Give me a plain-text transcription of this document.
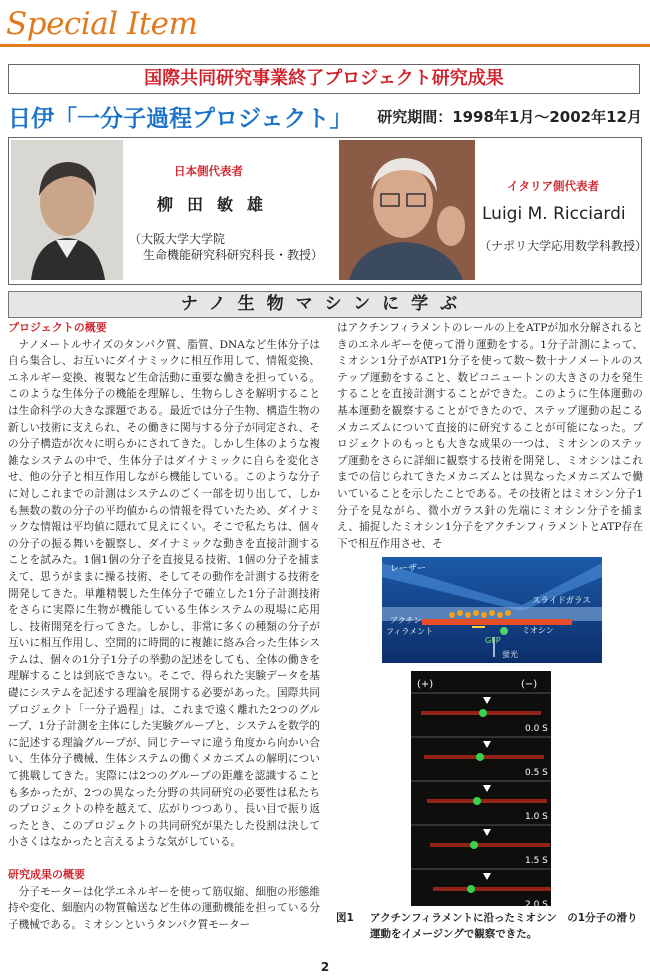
Special Item
国際共同研究事業終了プロジェクト研究成果
日伊「一分子過程プロジェクト」 研究期間：1998年1月～2002年12月
日本側代表者
柳田敏雄
（大阪大学大学院
生命機能研究科研究科長・教授）
イタリア側代表者
Luigi M. Ricciardi
（ナポリ大学応用数学科教授）
ナノ生物マシンに学ぶ
プロジェクトの概要
ナノメートルサイズのタンパク質、脂質、DNAなど生体分子は自ら集合し、お互いにダイナミックに相互作用して、情報変換、エネルギー変換、複製など生命活動に重要な働きを担っている。このような生体分子の機能を理解し、生物らしさを解明することは生命科学の大きな課題である。最近では分子生物、構造生物の新しい技術に支えられ、その働きに関与する分子が同定され、その分子構造が次々に明らかにされてきた。しかし生体のような複雑なシステムの中で、生体分子はダイナミックに自らを変化させ、他の分子と相互作用しながら機能している。このような分子に対しこれまでの計測はシステムのごく一部を切り出して、しかも無数の数の分子の平均値からの情報を得ていたため、ダイナミックな情報は平均値に隠れて見えにくい。そこで私たちは、個々の分子の振る舞いを観察し、ダイナミックな動きを直接計測することを試みた。1個1個の分子を直接見る技術、1個の分子を捕まえて、思うがままに操る技術、そしてその動作を計測する技術を開発してきた。単離精製した生体分子で確立した1分子計測技術をさらに実際に生物が機能している生体システムの現場に応用し、技術開発を行ってきた。しかし、非常に多くの種類の分子が互いに相互作用し、空間的に時間的に複雑に絡み合った生体システムは、個々の1分子1分子の挙動の記述をしても、全体の働きを理解することは到底できない。そこで、得られた実験データを基礎にシステムを記述する理論を展開する必要があった。国際共同プロジェクト「一分子過程」は、これまで遠く離れた2つのグループ、1分子計測を主体にした実験グループと、システムを数学的に記述する理論グループが、同じテーマに違う角度から向かい合い、生体分子機械、生体システムの働くメカニズムの解明について挑戦してきた。実際には2つのグループの距離を認識することも多かったが、2つの異なった分野の共同研究の必要性は私たちのプロジェクトの枠を越えて、広がりつつあり、長い目で振り返ったとき、このプロジェクトの共同研究が果たした役割は決して小さくはなかったと言えるような気がしている。
研究成果の概要
分子モーターは化学エネルギーを使って筋収縮、細胞の形態維持や変化、細胞内の物質輸送など生体の運動機能を担っている分子機械である。ミオシンというタンパク質モーター
はアクチンフィラメントのレールの上をATPが加水分解されるときのエネルギーを使って滑り運動をする。1分子計測によって、ミオシン1分子がATP1分子を使って数～数十ナノメートルのステップ運動をすること、数ピコニュートンの大きさの力を発生することを直接計測することができた。このように生体運動の基本運動を観察することができたので、ステップ運動の起こるメカニズムについて直接的に研究することが可能になった。プロジェクトのもっとも大きな成果の一つは、ミオシンのステップ運動をさらに詳細に観察する技術を開発し、ミオシンはこれまでの信じられてきたメカニズムとは異なったメカニズムで働いていることを示したことである。その技術とはミオシン分子1分子を見ながら、微小ガラス針の先端にミオシン分子を捕まえ、捕捉したミオシン1分子をアクチンフィラメントとATP存在下で相互作用させ、そ
レーザー
スライドガラス
アクチン
フィラメント	ミオシン
GFP
蛍光
(+)	(−)
0.0 S
0.5 S
1.0 S
1.5 S
2.0 S
図1 アクチンフィラメントに沿ったミオシン　の1分子の滑り運動をイメージングで観察できた。
2
